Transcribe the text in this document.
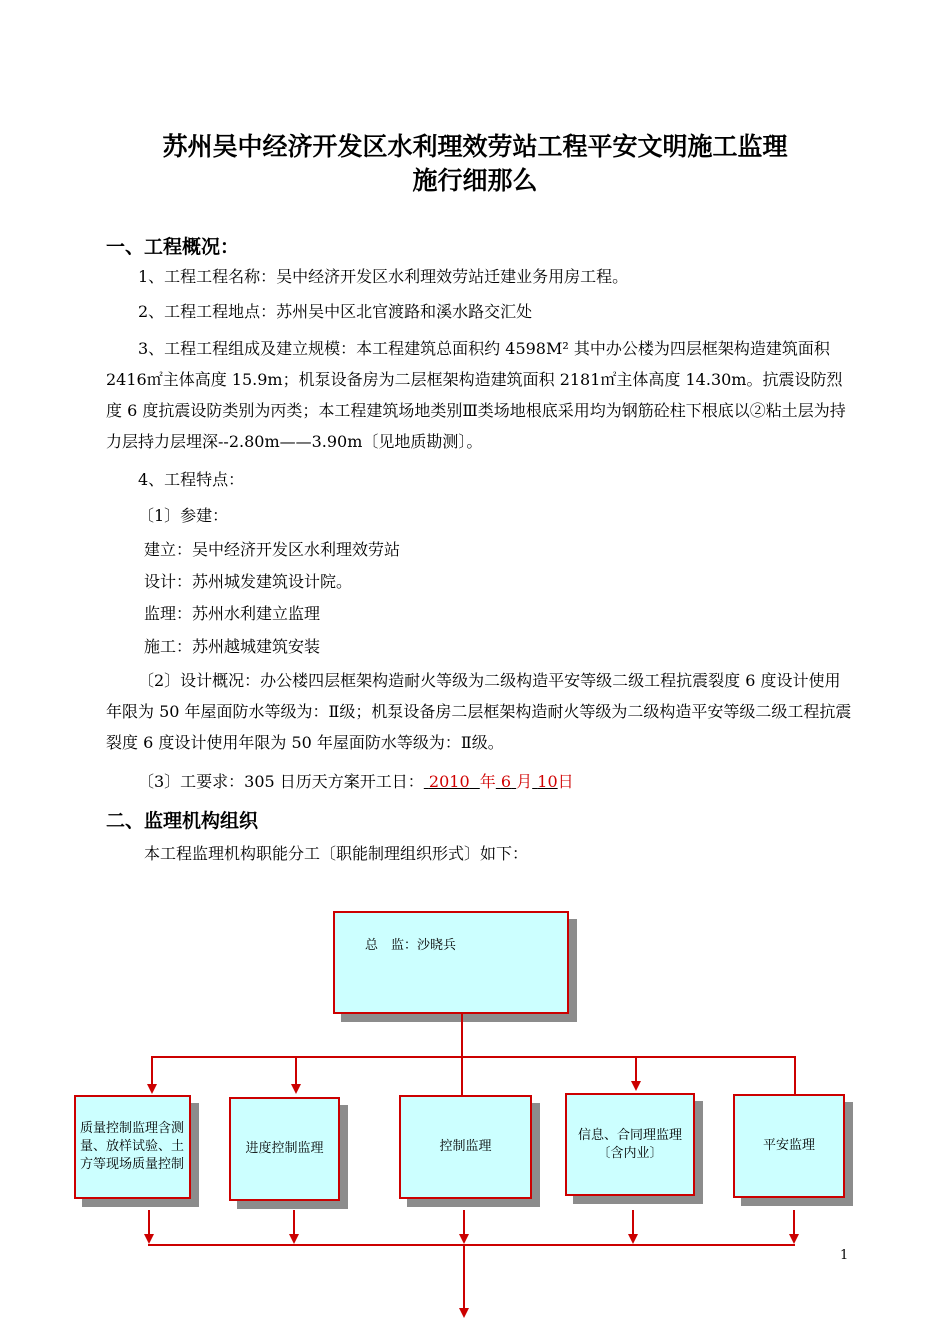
苏州吴中经济开发区水利理效劳站工程平安文明施工监理
施行细那么
一、工程概况：
1、工程工程名称：吴中经济开发区水利理效劳站迁建业务用房工程。
2、工程工程地点：苏州吴中区北官渡路和溪水路交汇处
3、工程工程组成及建立规模：本工程建筑总面积约 4598M² 其中办公楼为四层框架构造建筑面积 2416㎡主体高度 15.9m；机泵设备房为二层框架构造建筑面积 2181㎡主体高度 14.30m。抗震设防烈度 6 度抗震设防类别为丙类；本工程建筑场地类别Ⅲ类场地根底采用均为钢筋砼柱下根底以②粘土层为持力层持力层埋深--2.80m——3.90m〔见地质勘测〕。
4、工程特点：
〔1〕参建：
建立：吴中经济开发区水利理效劳站
设计：苏州城发建筑设计院。
监理：苏州水利建立监理
施工：苏州越城建筑安装
〔2〕设计概况：办公楼四层框架构造耐火等级为二级构造平安等级二级工程抗震裂度 6 度设计使用年限为 50 年屋面防水等级为：Ⅱ级；机泵设备房二层框架构造耐火等级为二级构造平安等级二级工程抗震裂度 6 度设计使用年限为 50 年屋面防水等级为：Ⅱ级。
〔3〕工要求：305 日历天方案开工日： 2010 年 6 月 10日
二、监理机构组织
本工程监理机构职能分工〔职能制理组织形式〕如下：
总　监：沙晓兵
质量控制监理含测量、放样试验、土方等现场质量控制
进度控制监理	控制监理
信息、合同理监理〔含内业〕	平安监理
1
